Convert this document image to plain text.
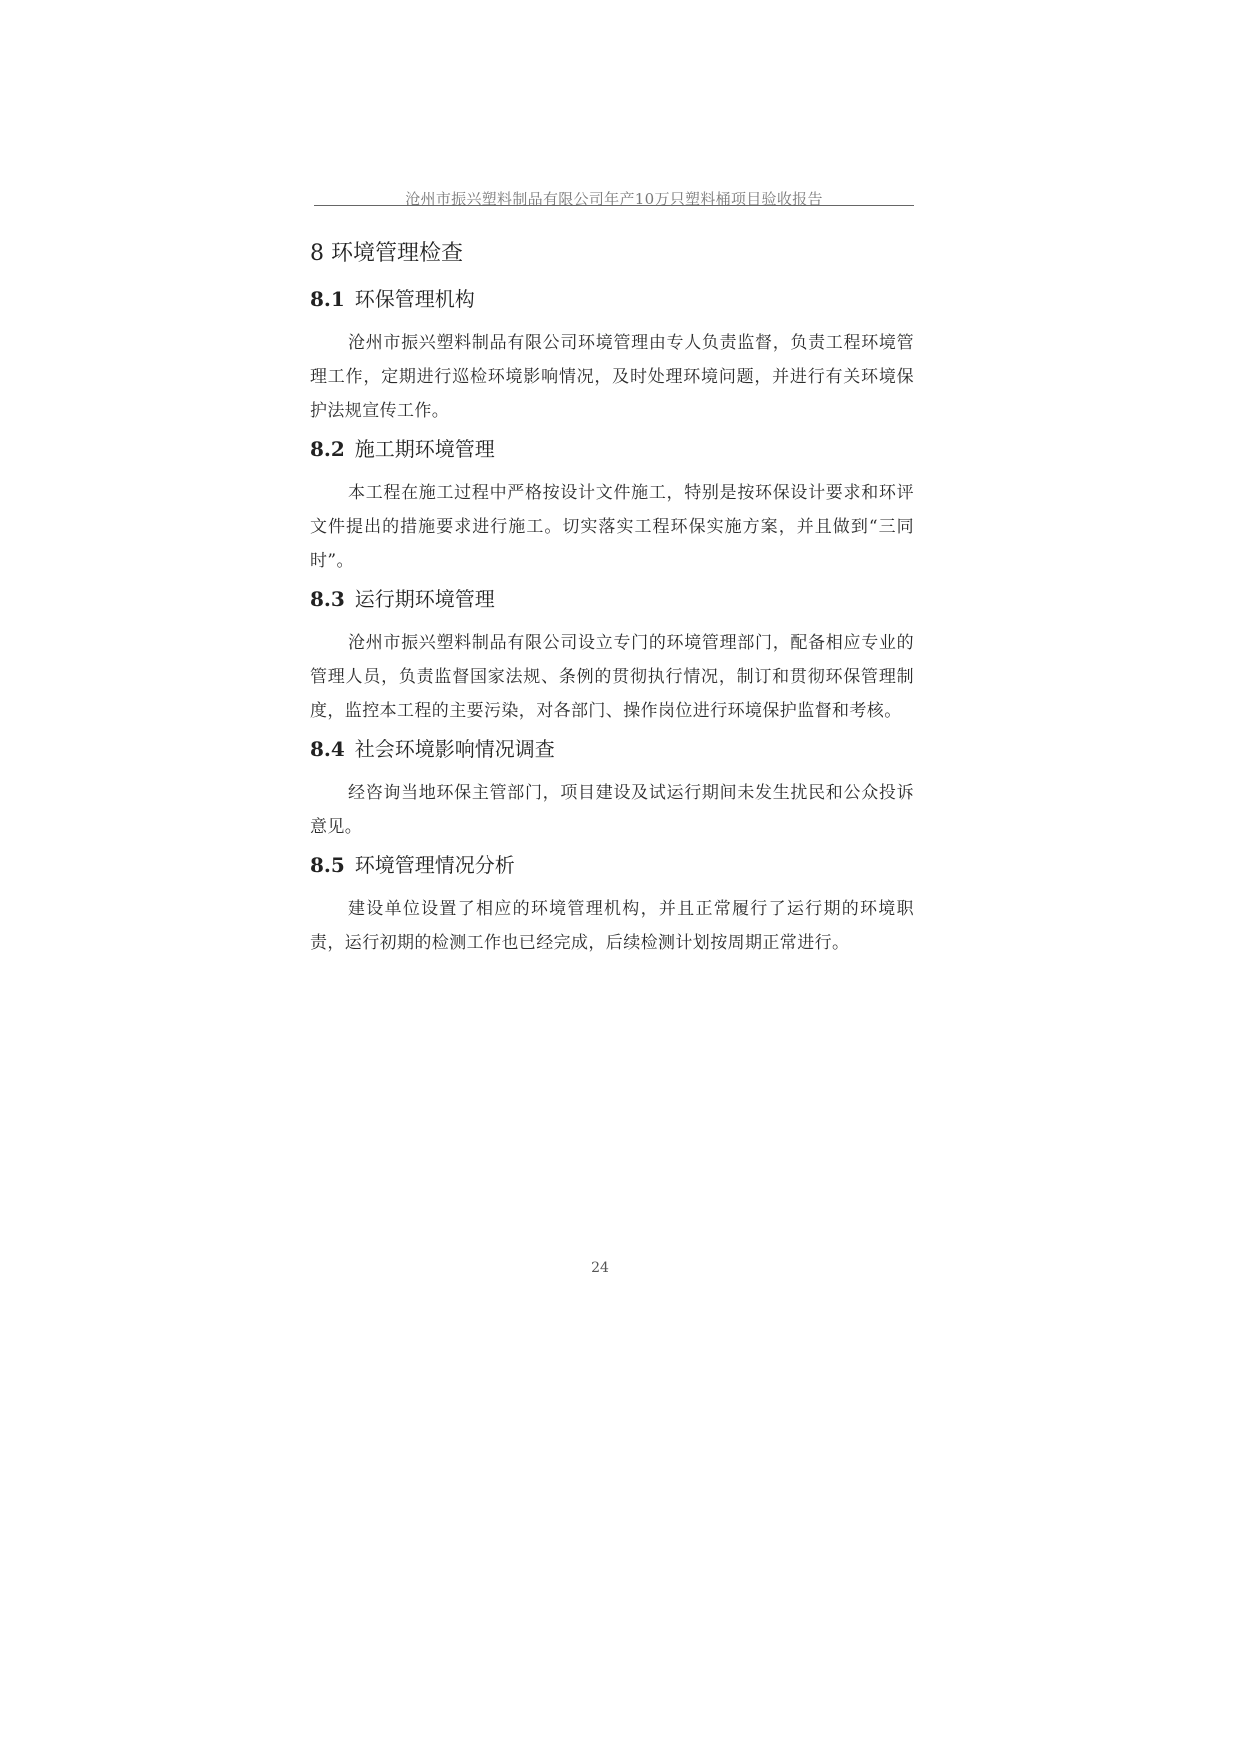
沧州市振兴塑料制品有限公司年产10万只塑料桶项目验收报告
8 环境管理检查
8.1 环保管理机构

沧州市振兴塑料制品有限公司环境管理由专人负责监督，负责工程环境管理工作，定期进行巡检环境影响情况，及时处理环境问题，并进行有关环境保护法规宣传工作。

8.2 施工期环境管理

本工程在施工过程中严格按设计文件施工，特别是按环保设计要求和环评文件提出的措施要求进行施工。切实落实工程环保实施方案，并且做到“三同时”。

8.3 运行期环境管理

沧州市振兴塑料制品有限公司设立专门的环境管理部门，配备相应专业的管理人员，负责监督国家法规、条例的贯彻执行情况，制订和贯彻环保管理制度，监控本工程的主要污染，对各部门、操作岗位进行环境保护监督和考核。

8.4 社会环境影响情况调查

经咨询当地环保主管部门，项目建设及试运行期间未发生扰民和公众投诉意见。

8.5 环境管理情况分析

建设单位设置了相应的环境管理机构，并且正常履行了运行期的环境职责，运行初期的检测工作也已经完成，后续检测计划按周期正常进行。

24
